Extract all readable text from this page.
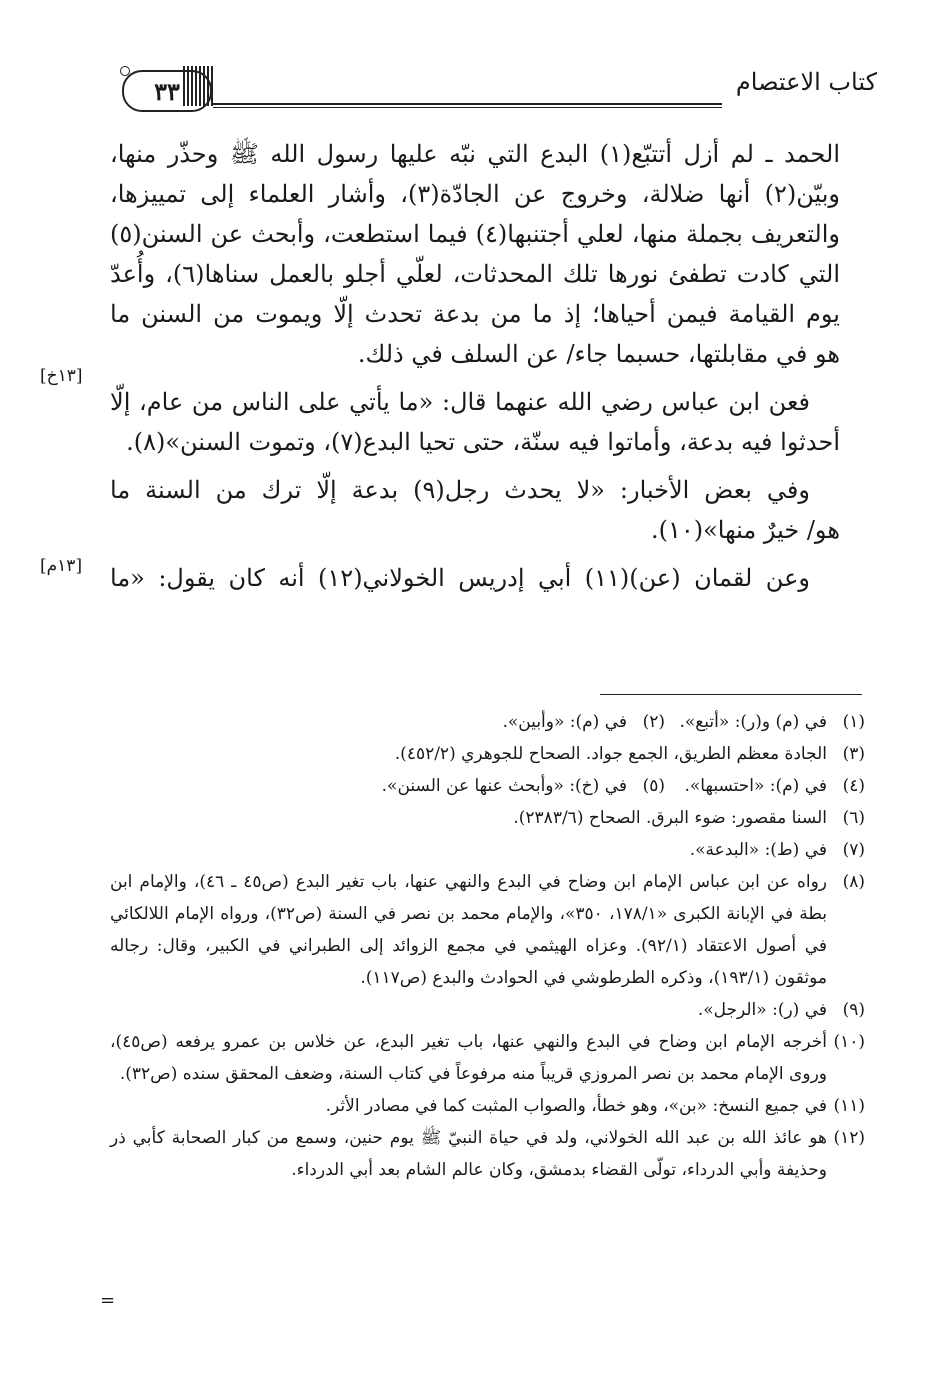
كتاب الاعتصام
٣٣

الحمد ـ لم أزل أتتبّع(١) البدع التي نبّه عليها رسول الله ﷺ وحذّر منها،
وبيّن(٢) أنها ضلالة، وخروج عن الجادّة(٣)، وأشار العلماء إلى تمييزها،
والتعريف بجملة منها، لعلي أجتنبها(٤) فيما استطعت، وأبحث عن السنن(٥)
التي كادت تطفئ نورها تلك المحدثات، لعلّي أجلو بالعمل سناها(٦)، وأُعدّ
يوم القيامة فيمن أحياها؛ إذ ما من بدعة تحدث إلّا ويموت من السنن ما
هو في مقابلتها، حسبما جاء/ عن السلف في ذلك.

فعن ابن عباس رضي الله عنهما قال: «ما يأتي على الناس من عام، إلّا
أحدثوا فيه بدعة، وأماتوا فيه سنّة، حتى تحيا البدع(٧)، وتموت السنن»(٨).

وفي بعض الأخبار: «لا يحدث رجل(٩) بدعة إلّا ترك من السنة ما
هو/ خيرٌ منها»(١٠).

وعن لقمان (عن)(١١) أبي إدريس الخولاني(١٢) أنه كان يقول: «ما

[١٣خ]
[١٣م]
(١)
في (م) و(ر): «أتبع».
(٢)
في (م): «وأبين».
(٣)
الجادة معظم الطريق، الجمع جواد. الصحاح للجوهري (٤٥٢/٢).
(٤)
في (م): «احتسبها».
(٥)
في (خ): «وأبحث عنها عن السنن».
(٦)
السنا مقصور: ضوء البرق. الصحاح (٢٣٨٣/٦).
(٧)
في (ط): «البدعة».
(٨)
رواه عن ابن عباس الإمام ابن وضاح في البدع والنهي عنها، باب تغير البدع (ص٤٥ ـ ٤٦)، والإمام ابن بطة في الإبانة الكبرى «١٧٨/١، ٣٥٠»، والإمام محمد بن نصر في السنة (ص٣٢)، ورواه الإمام اللالكائي في أصول الاعتقاد (٩٢/١). وعزاه الهيثمي في مجمع الزوائد إلى الطبراني في الكبير، وقال: رجاله موثقون (١٩٣/١)، وذكره الطرطوشي في الحوادث والبدع (ص١١٧).
(٩)
في (ر): «الرجل».
(١٠)
أخرجه الإمام ابن وضاح في البدع والنهي عنها، باب تغير البدع، عن خلاس بن عمرو يرفعه (ص٤٥)، وروى الإمام محمد بن نصر المروزي قريباً منه مرفوعاً في كتاب السنة، وضعف المحقق سنده (ص٣٢).
(١١)
في جميع النسخ: «بن»، وهو خطأ، والصواب المثبت كما في مصادر الأثر.
(١٢)
هو عائذ الله بن عبد الله الخولاني، ولد في حياة النبيّ ﷺ يوم حنين، وسمع من كبار الصحابة كأبي ذر وحذيفة وأبي الدرداء، تولّى القضاء بدمشق، وكان عالم الشام بعد أبي الدرداء.
=
